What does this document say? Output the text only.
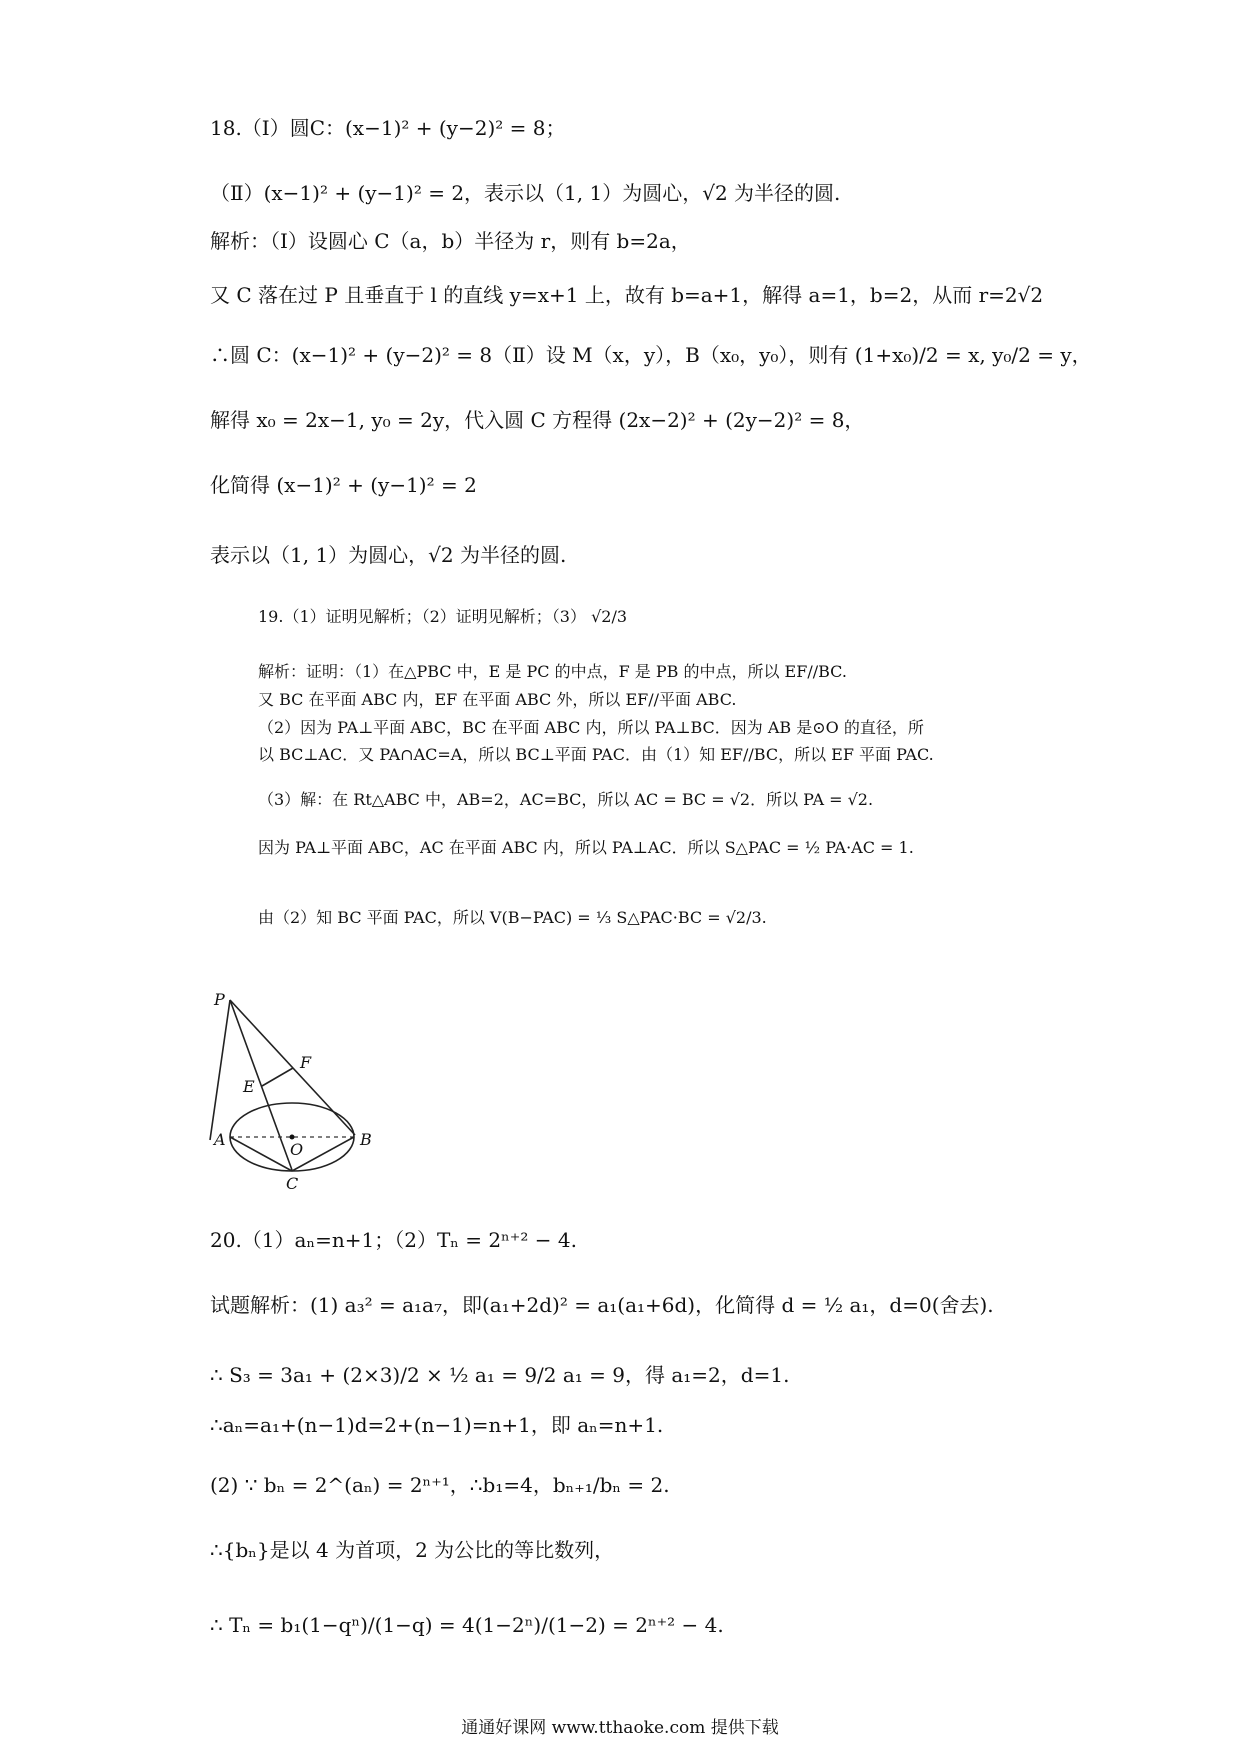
18.（Ⅰ）圆C：(x−1)² + (y−2)² = 8；
（Ⅱ）(x−1)² + (y−1)² = 2，表示以（1, 1）为圆心，√2 为半径的圆.
解析：（Ⅰ）设圆心 C（a，b）半径为 r，则有 b=2a，
又 C 落在过 P 且垂直于 l 的直线 y=x+1 上，故有 b=a+1，解得 a=1，b=2，从而 r=2√2
∴圆 C：(x−1)² + (y−2)² = 8（Ⅱ）设 M（x，y），B（x₀，y₀），则有 (1+x₀)/2 = x, y₀/2 = y，
解得 x₀ = 2x−1, y₀ = 2y，代入圆 C 方程得 (2x−2)² + (2y−2)² = 8，
化简得 (x−1)² + (y−1)² = 2
表示以（1, 1）为圆心，√2 为半径的圆.
19.（1）证明见解析；（2）证明见解析；（3） √2/3
解析：证明：（1）在△PBC 中，E 是 PC 的中点，F 是 PB 的中点，所以 EF//BC.
又 BC 在平面 ABC 内，EF 在平面 ABC 外，所以 EF//平面 ABC.
（2）因为 PA⊥平面 ABC，BC 在平面 ABC 内，所以 PA⊥BC．因为 AB 是⊙O 的直径，所
以 BC⊥AC．又 PA∩AC=A，所以 BC⊥平面 PAC．由（1）知 EF//BC，所以 EF 平面 PAC.
（3）解：在 Rt△ABC 中，AB=2，AC=BC，所以 AC = BC = √2．所以 PA = √2.
因为 PA⊥平面 ABC，AC 在平面 ABC 内，所以 PA⊥AC．所以 S△PAC = ½ PA·AC = 1.
由（2）知 BC 平面 PAC，所以 V(B−PAC) = ⅓ S△PAC·BC = √2/3.
P
F
E
A
O
B
C
20.（1）aₙ=n+1；（2）Tₙ = 2ⁿ⁺² − 4.
试题解析：(1) a₃² = a₁a₇，即(a₁+2d)² = a₁(a₁+6d)，化简得 d = ½ a₁，d=0(舍去).
∴ S₃ = 3a₁ + (2×3)/2 × ½ a₁ = 9/2 a₁ = 9，得 a₁=2，d=1.
∴aₙ=a₁+(n−1)d=2+(n−1)=n+1，即 aₙ=n+1.
(2) ∵ bₙ = 2^(aₙ) = 2ⁿ⁺¹，∴b₁=4，bₙ₊₁/bₙ = 2.
∴{bₙ}是以 4 为首项，2 为公比的等比数列，
∴ Tₙ = b₁(1−qⁿ)/(1−q) = 4(1−2ⁿ)/(1−2) = 2ⁿ⁺² − 4.
通通好课网 www.tthaoke.com 提供下载
